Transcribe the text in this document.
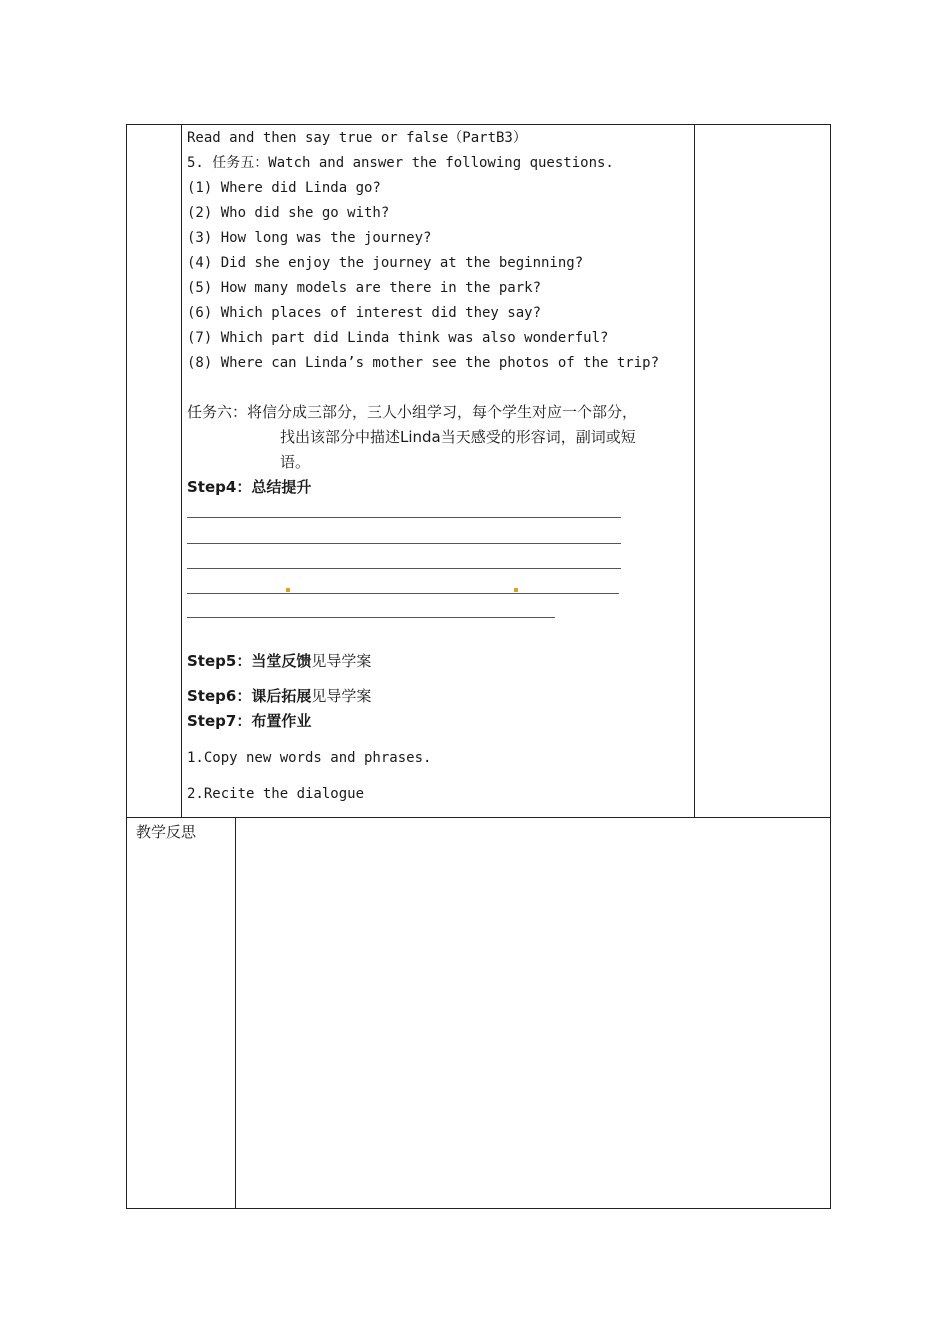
Read and then say true or false（PartB3）
5. 任务五：Watch and answer the following questions.
(1) Where did Linda go?
(2) Who did she go with?
(3) How long was the journey?
(4) Did she enjoy the journey at the beginning?
(5) How many models are there in the park?
(6) Which places of interest did they say?
(7) Which part did Linda think was also wonderful?
(8) Where can Linda’s mother see the photos of the trip?
任务六：将信分成三部分，三人小组学习，每个学生对应一个部分，
找出该部分中描述Linda当天感受的形容词，副词或短
语。
Step4：总结提升
Step5：当堂反馈见导学案
Step6：课后拓展见导学案
Step7：布置作业
1.Copy new words and phrases.
2.Recite the dialogue
教学反思
